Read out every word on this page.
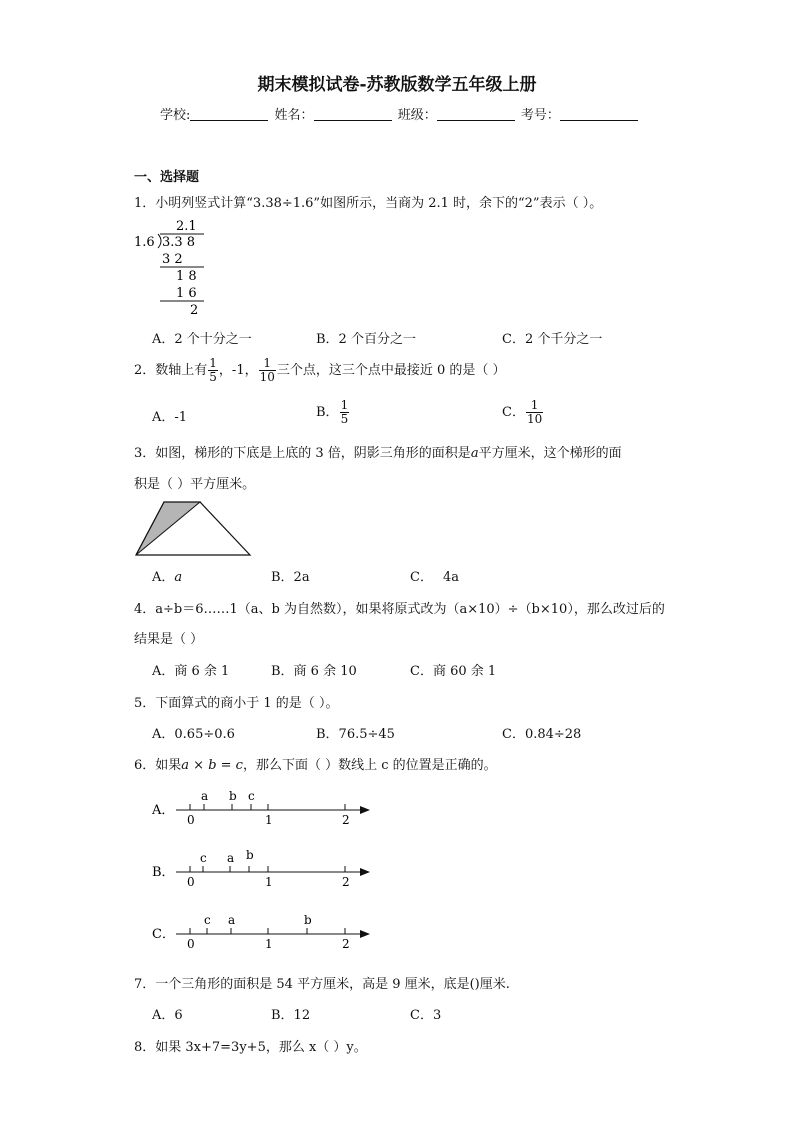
期末模拟试卷-苏教版数学五年级上册
学校:	姓名：	班级：	考号：
一、选择题
1．小明列竖式计算“3.38÷1.6”如图所示，当商为 2.1 时，余下的“2”表示（ ）。
2.1
1.6 3.3 8
3 2
1 8
1 6
2
A．2 个十分之一	B．2 个百分之一	C．2 个千分之一
2．数轴上有 $\frac{1}{5}$ ，-1， $\frac{1}{10}$ 三个点，这三个点中最接近 0 的是（ ）
A．-1	B． $\frac{1}{5}$	C． $\frac{1}{10}$
3．如图，梯形的下底是上底的 3 倍，阴影三角形的面积是a平方厘米，这个梯形的面
积是（ ）平方厘米。
A．a	B．2a	C． 4a
4．a÷b＝6……1（a、b 为自然数），如果将原式改为（a×10）÷（b×10），那么改过后的
结果是（ ）
A．商 6 余 1	B．商 6 余 10	C．商 60 余 1
5．下面算式的商小于 1 的是（ ）。
A．0.65÷0.6	B．76.5÷45	C．0.84÷28
6．如果a × b = c，那么下面（ ）数线上 c 的位置是正确的。
A．
0	1	2
a b c
B．
0	1	2
c a b
C．
0	1	2
c a	b
7．一个三角形的面积是 54 平方厘米，高是 9 厘米，底是()厘米.
A．6	B．12	C．3
8．如果 3x+7=3y+5，那么 x（ ）y。
